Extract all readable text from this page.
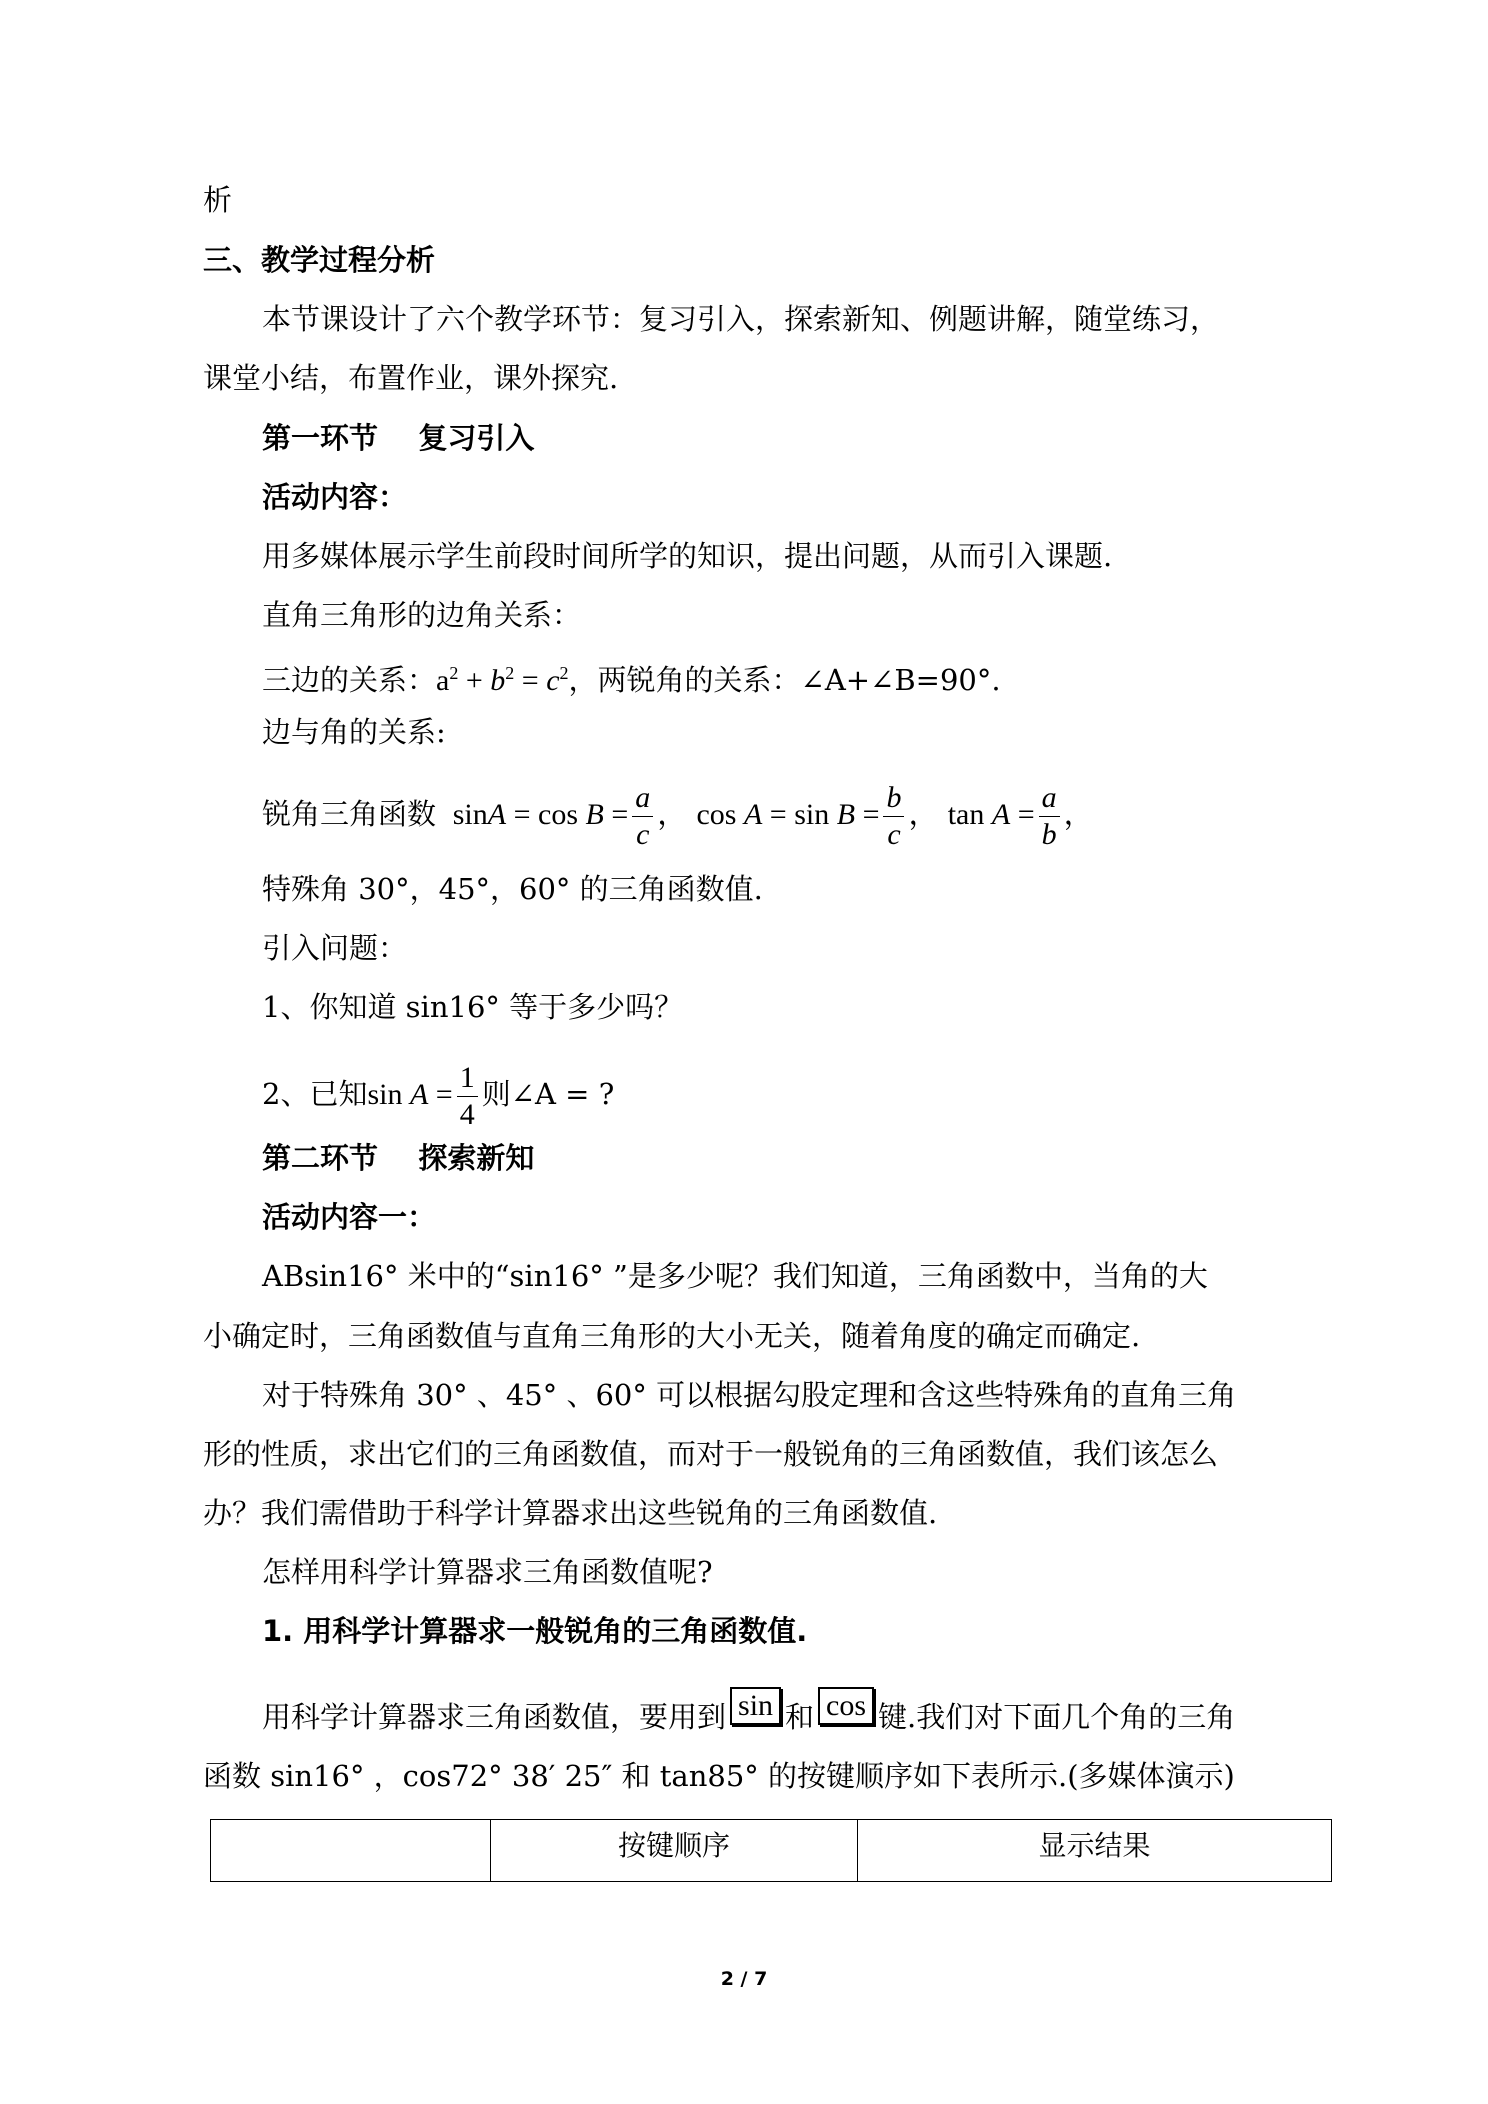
析
三、教学过程分析
本节课设计了六个教学环节：复习引入，探索新知、例题讲解，随堂练习，
课堂小结，布置作业，课外探究.
第一环节    复习引入
活动内容：
用多媒体展示学生前段时间所学的知识，提出问题，从而引入课题.
直角三角形的边角关系：
三边的关系：$a^2 + b^2 = c^2$，两锐角的关系：∠A+∠B=90°.
边与角的关系:
锐角三角函数  $\sin A = \cos B = \frac{a}{c}$ ， $\cos A = \sin B = \frac{b}{c}$ ， $\tan A = \frac{a}{b}$ ，
特殊角 30°，45°，60° 的三角函数值.
引入问题：
1、你知道 sin16° 等于多少吗？
2、已知$\sin A = \frac{1}{4}$ 则∠A = ?
第二环节    探索新知
活动内容一：
ABsin16° 米中的“sin16° ”是多少呢？我们知道，三角函数中，当角的大
小确定时，三角函数值与直角三角形的大小无关，随着角度的确定而确定.
对于特殊角 30° 、45° 、60° 可以根据勾股定理和含这些特殊角的直角三角
形的性质，求出它们的三角函数值，而对于一般锐角的三角函数值，我们该怎么
办？我们需借助于科学计算器求出这些锐角的三角函数值.
怎样用科学计算器求三角函数值呢?
1. 用科学计算器求一般锐角的三角函数值.
用科学计算器求三角函数值，要用到 sin 和 cos 键.我们对下面几个角的三角
函数 sin16° ，cos72° 38′ 25″ 和 tan85° 的按键顺序如下表所示.(多媒体演示)
	按键顺序	显示结果
2 / 7
